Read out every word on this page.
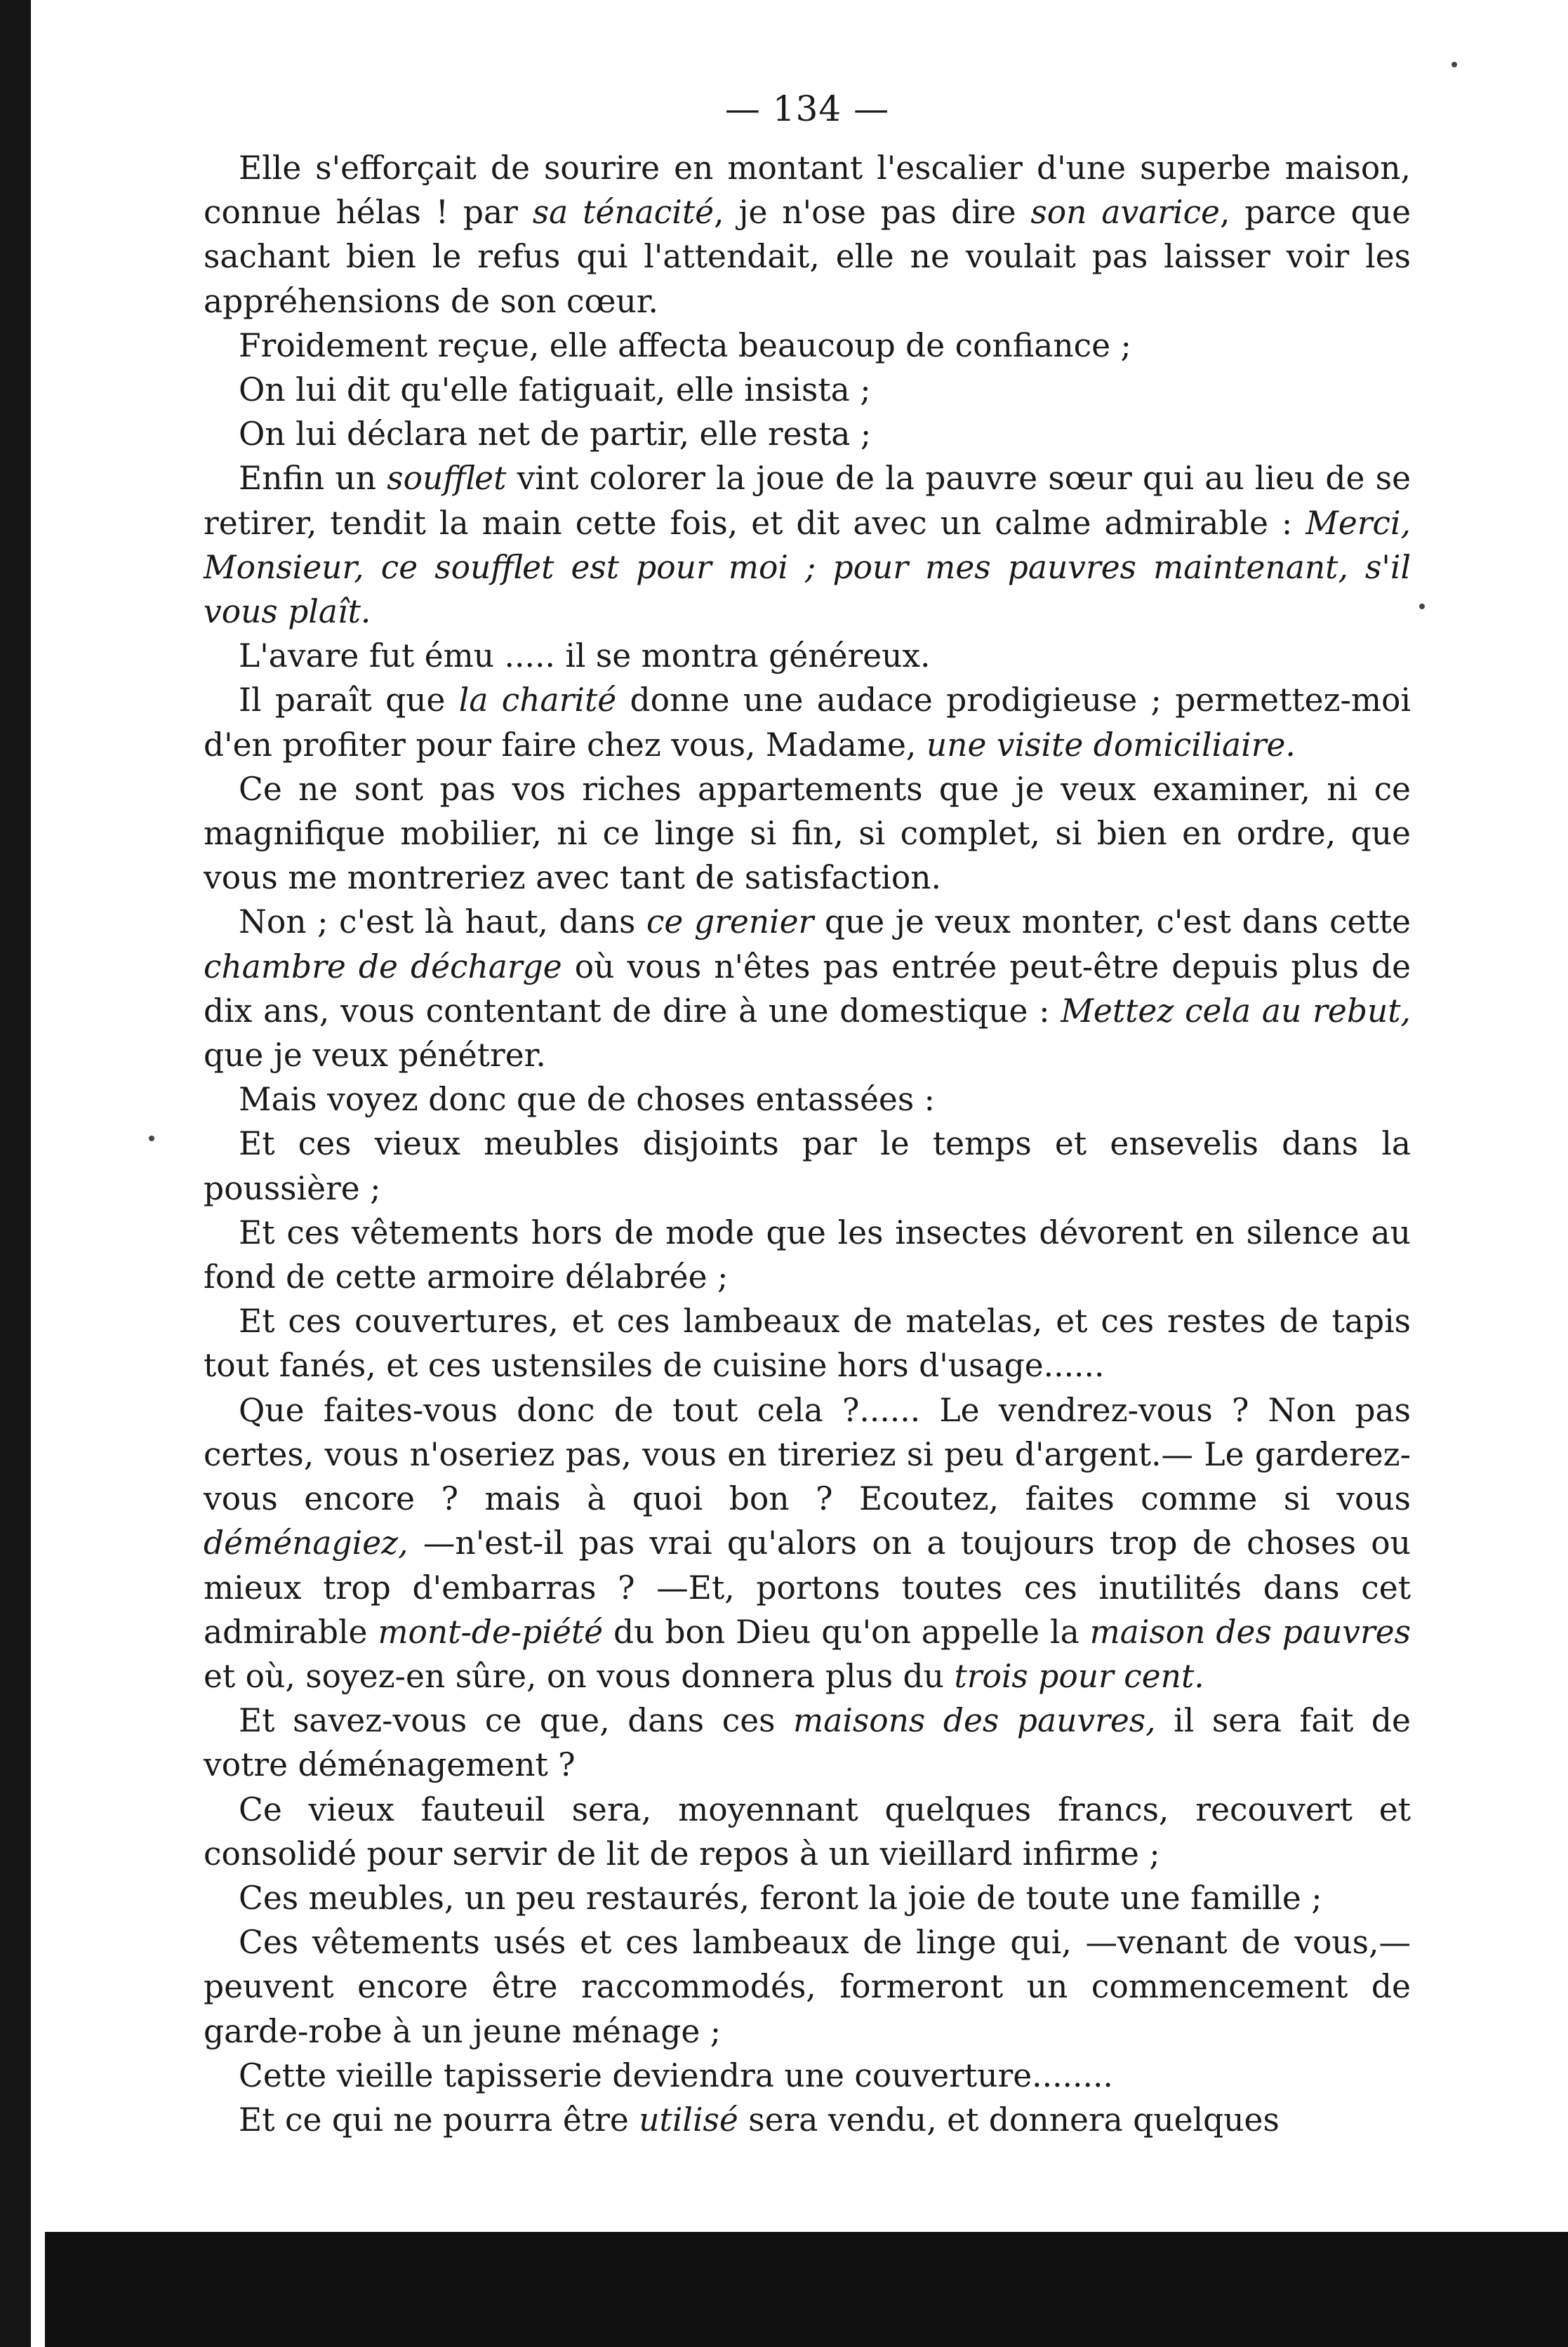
— 134 —

Elle s'efforçait de sourire en montant l'escalier d'une superbe maison, connue hélas ! par sa ténacité, je n'ose pas dire son avarice, parce que sachant bien le refus qui l'attendait, elle ne voulait pas laisser voir les appréhensions de son cœur.

Froidement reçue, elle affecta beaucoup de confiance ;

On lui dit qu'elle fatiguait, elle insista ;

On lui déclara net de partir, elle resta ;

Enfin un soufflet vint colorer la joue de la pauvre sœur qui au lieu de se retirer, tendit la main cette fois, et dit avec un calme admirable : Merci, Monsieur, ce soufflet est pour moi ; pour mes pauvres maintenant, s'il vous plaît.

L'avare fut ému ..... il se montra généreux.

Il paraît que la charité donne une audace prodigieuse ; permettez-moi d'en profiter pour faire chez vous, Madame, une visite domiciliaire.

Ce ne sont pas vos riches appartements que je veux examiner, ni ce magnifique mobilier, ni ce linge si fin, si complet, si bien en ordre, que vous me montreriez avec tant de satisfaction.

Non ; c'est là haut, dans ce grenier que je veux monter, c'est dans cette chambre de décharge où vous n'êtes pas entrée peut-être depuis plus de dix ans, vous contentant de dire à une domestique : Mettez cela au rebut, que je veux pénétrer.

Mais voyez donc que de choses entassées :

Et ces vieux meubles disjoints par le temps et ensevelis dans la poussière ;

Et ces vêtements hors de mode que les insectes dévorent en silence au fond de cette armoire délabrée ;

Et ces couvertures, et ces lambeaux de matelas, et ces restes de tapis tout fanés, et ces ustensiles de cuisine hors d'usage......

Que faites-vous donc de tout cela ?...... Le vendrez-vous ? Non pas certes, vous n'oseriez pas, vous en tireriez si peu d'argent.— Le garderez-vous encore ? mais à quoi bon ? Ecoutez, faites comme si vous déménagiez, —n'est-il pas vrai qu'alors on a toujours trop de choses ou mieux trop d'embarras ? —Et, portons toutes ces inutilités dans cet admirable mont-de-piété du bon Dieu qu'on appelle la maison des pauvres et où, soyez-en sûre, on vous donnera plus du trois pour cent.

Et savez-vous ce que, dans ces maisons des pauvres, il sera fait de votre déménagement ?

Ce vieux fauteuil sera, moyennant quelques francs, recouvert et consolidé pour servir de lit de repos à un vieillard infirme ;

Ces meubles, un peu restaurés, feront la joie de toute une famille ;

Ces vêtements usés et ces lambeaux de linge qui, —venant de vous,— peuvent encore être raccommodés, formeront un commencement de garde-robe à un jeune ménage ;

Cette vieille tapisserie deviendra une couverture........

Et ce qui ne pourra être utilisé sera vendu, et donnera quelques
